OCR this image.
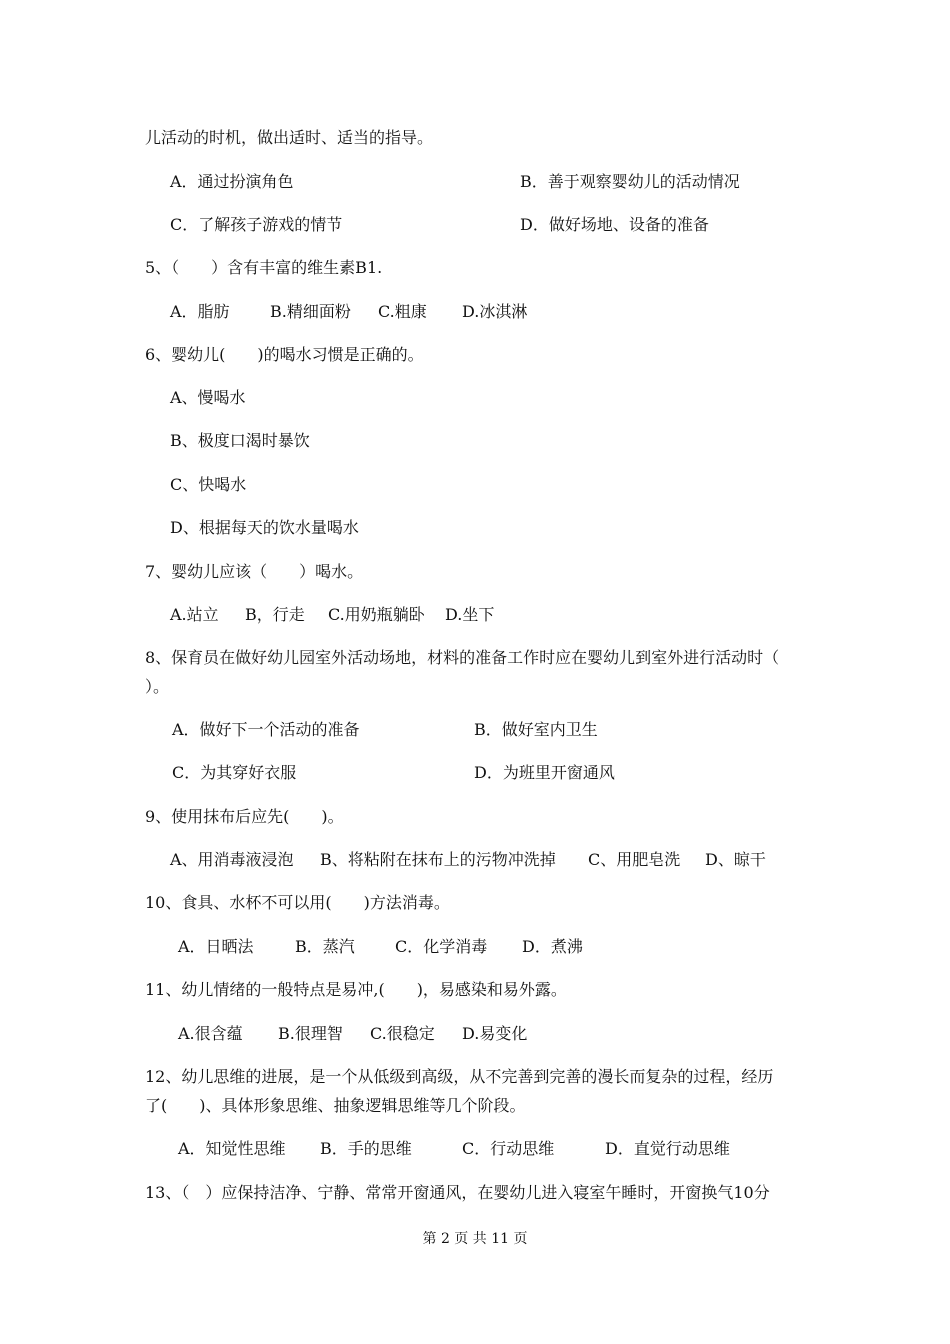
儿活动的时机，做出适时、适当的指导。
A．通过扮演角色	B．善于观察婴幼儿的活动情况
C．了解孩子游戏的情节	D．做好场地、设备的准备
5、（　　）含有丰富的维生素B1.
A．脂肪	B.精细面粉 C.粗康 D.冰淇淋
6、婴幼儿(　　)的喝水习惯是正确的。
A、慢喝水
B、极度口渴时暴饮
C、快喝水
D、根据每天的饮水量喝水
7、婴幼儿应该（　　）喝水。
A.站立 B，行走 C.用奶瓶躺卧 D.坐下
8、保育员在做好幼儿园室外活动场地，材料的准备工作时应在婴幼儿到室外进行活动时（
）。
A．做好下一个活动的准备	B．做好室内卫生
C．为其穿好衣服	D．为班里开窗通风
9、使用抹布后应先(　　)。
A、用消毒液浸泡 B、将粘附在抹布上的污物冲洗掉 C、用肥皂洗 D、晾干
10、食具、水杯不可以用(　　)方法消毒。
A．日晒法	B．蒸汽	C．化学消毒 D．煮沸
11、幼儿情绪的一般特点是易冲,(　　)，易感染和易外露。
A.很含蕴 B.很理智 C.很稳定 D.易变化
12、幼儿思维的进展，是一个从低级到高级，从不完善到完善的漫长而复杂的过程，经历
了(　　)、具体形象思维、抽象逻辑思维等几个阶段。
A．知觉性思维 B．手的思维	C．行动思维	D．直觉行动思维
13、（　）应保持洁净、宁静、常常开窗通风，在婴幼儿进入寝室午睡时，开窗换气10分
第 2 页 共 11 页
